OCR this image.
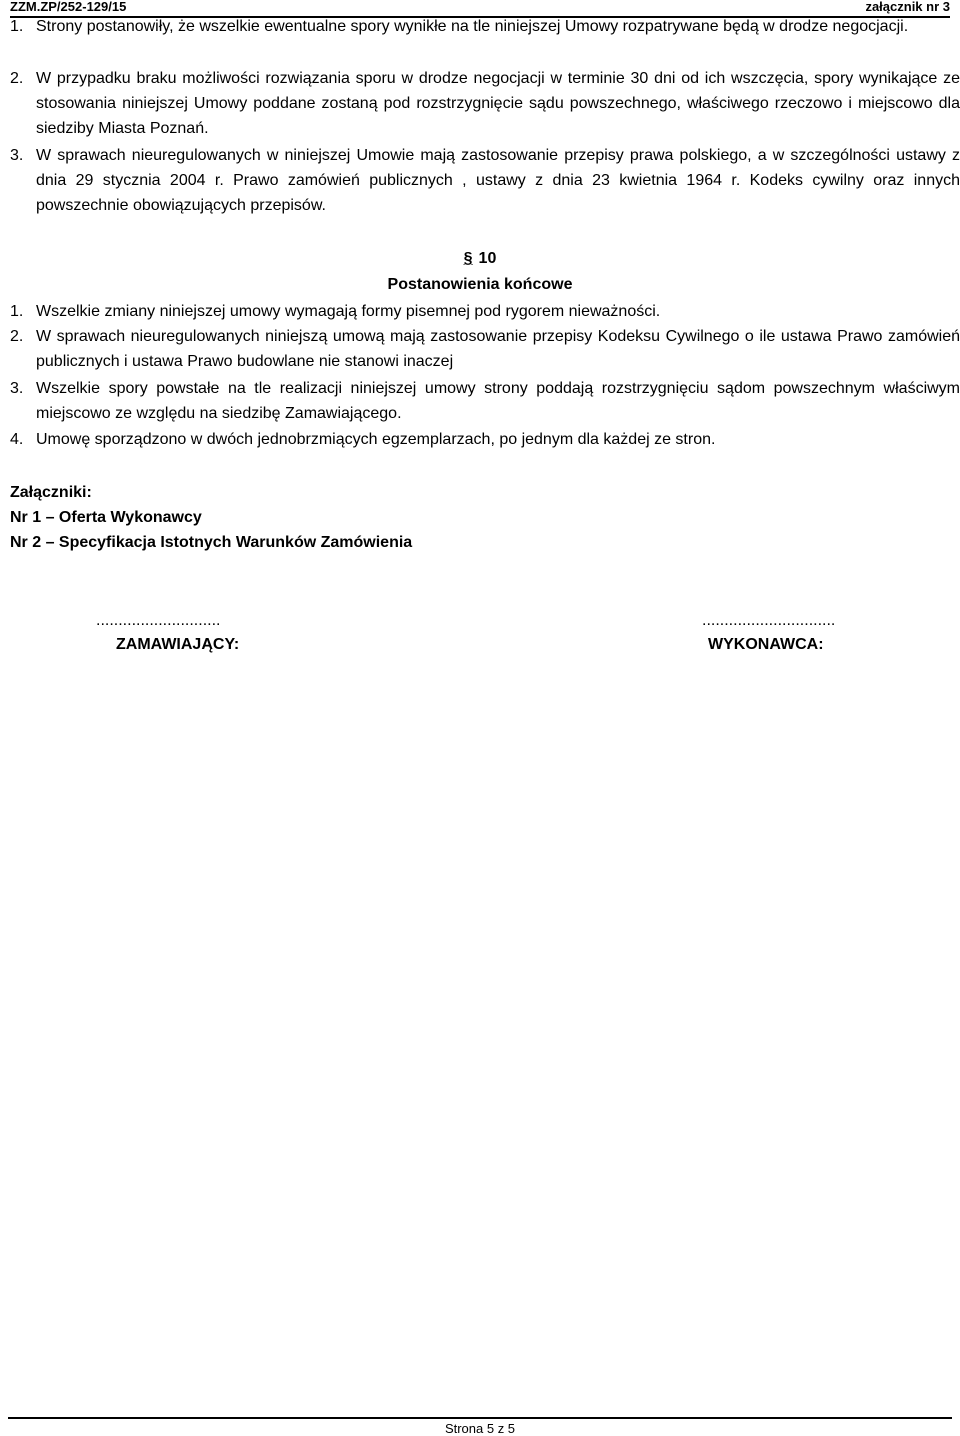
ZZM.ZP/252-129/15	załącznik nr 3
1. Strony postanowiły, że wszelkie ewentualne spory wynikłe na tle niniejszej Umowy rozpatrywane będą w drodze negocjacji.
2. W przypadku braku możliwości rozwiązania sporu w drodze negocjacji w terminie 30 dni od ich wszczęcia, spory wynikające ze stosowania niniejszej Umowy poddane zostaną pod rozstrzygnięcie sądu powszechnego, właściwego rzeczowo i miejscowo dla siedziby Miasta Poznań.
3. W sprawach nieuregulowanych w niniejszej Umowie mają zastosowanie przepisy prawa polskiego, a w szczególności ustawy z dnia 29 stycznia 2004 r. Prawo zamówień publicznych , ustawy z dnia 23 kwietnia 1964 r. Kodeks cywilny oraz innych powszechnie obowiązujących przepisów.
§ 10
Postanowienia końcowe
1. Wszelkie zmiany niniejszej umowy wymagają formy pisemnej pod rygorem nieważności.
2. W sprawach nieuregulowanych niniejszą umową mają zastosowanie przepisy Kodeksu Cywilnego o ile ustawa Prawo zamówień publicznych i ustawa Prawo budowlane nie stanowi inaczej
3. Wszelkie spory powstałe na tle realizacji niniejszej umowy strony poddają rozstrzygnięciu sądom powszechnym właściwym miejscowo ze względu na siedzibę Zamawiającego.
4. Umowę sporządzono w dwóch jednobrzmiących egzemplarzach, po jednym dla każdej ze stron.
Załączniki:
Nr 1 – Oferta Wykonawcy
Nr 2 – Specyfikacja Istotnych Warunków Zamówienia
............................
ZAMAWIAJĄCY:
..............................
WYKONAWCA:
Strona 5 z 5
